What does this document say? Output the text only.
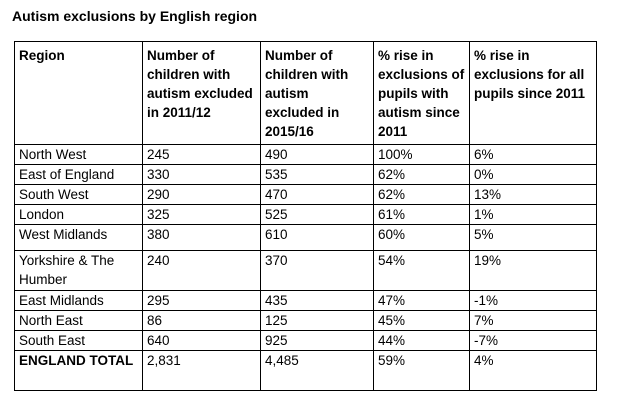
Autism exclusions by English region
Region	Number of children with autism excluded in 2011/12	Number of children with autism excluded in 2015/16	% rise in exclusions of pupils with autism since 2011	% rise in exclusions for all pupils since 2011
North West	245	490	100%	6%
East of England	330	535	62%	0%
South West	290	470	62%	13%
London	325	525	61%	1%
West Midlands	380	610	60%	5%
Yorkshire & The Humber	240	370	54%	19%
East Midlands	295	435	47%	-1%
North East	86	125	45%	7%
South East	640	925	44%	-7%
ENGLAND TOTAL	2,831	4,485	59%	4%
